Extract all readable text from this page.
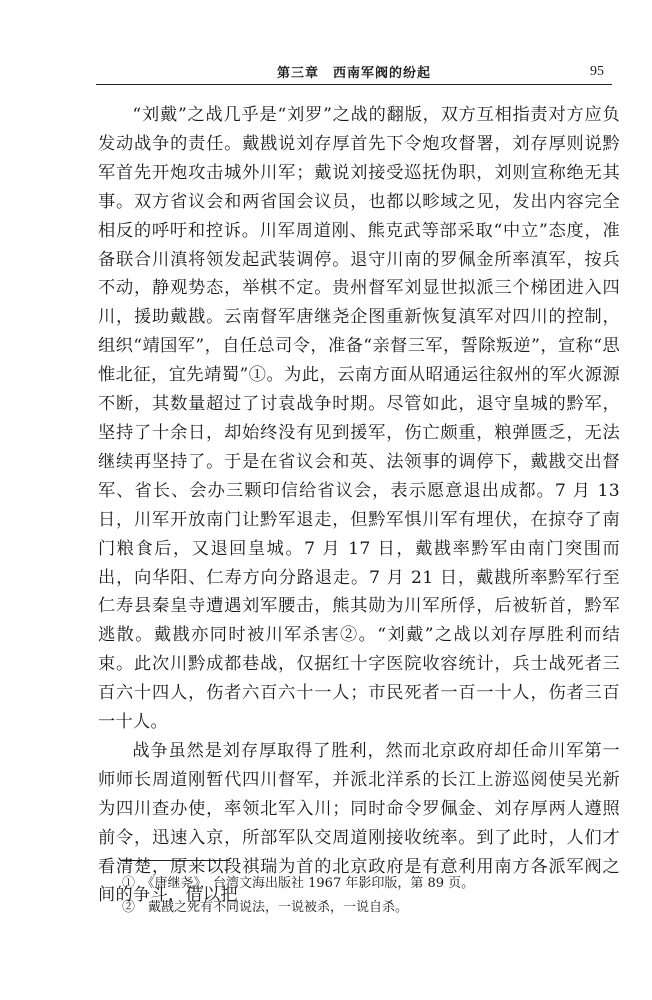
第三章　西南军阀的纷起	95

“刘戴”之战几乎是“刘罗”之战的翻版，双方互相指责对方应负发动战争的责任。戴戡说刘存厚首先下令炮攻督署，刘存厚则说黔军首先开炮攻击城外川军；戴说刘接受巡抚伪职，刘则宣称绝无其事。双方省议会和两省国会议员，也都以畛域之见，发出内容完全相反的呼吁和控诉。川军周道刚、熊克武等部采取“中立”态度，准备联合川滇将领发起武装调停。退守川南的罗佩金所率滇军，按兵不动，静观势态，举棋不定。贵州督军刘显世拟派三个梯团进入四川，援助戴戡。云南督军唐继尧企图重新恢复滇军对四川的控制，组织“靖国军”，自任总司令，准备“亲督三军，誓除叛逆”，宣称“思惟北征，宜先靖蜀”①。为此，云南方面从昭通运往叙州的军火源源不断，其数量超过了讨袁战争时期。尽管如此，退守皇城的黔军，坚持了十余日，却始终没有见到援军，伤亡颇重，粮弹匮乏，无法继续再坚持了。于是在省议会和英、法领事的调停下，戴戡交出督军、省长、会办三颗印信给省议会，表示愿意退出成都。7 月 13 日，川军开放南门让黔军退走，但黔军惧川军有埋伏，在掠夺了南门粮食后，又退回皇城。7 月 17 日，戴戡率黔军由南门突围而出，向华阳、仁寿方向分路退走。7 月 21 日，戴戡所率黔军行至仁寿县秦皇寺遭遇刘军腰击，熊其勋为川军所俘，后被斩首，黔军逃散。戴戡亦同时被川军杀害②。“刘戴”之战以刘存厚胜利而结束。此次川黔成都巷战，仅据红十字医院收容统计，兵士战死者三百六十四人，伤者六百六十一人；市民死者一百一十人，伤者三百一十人。

战争虽然是刘存厚取得了胜利，然而北京政府却任命川军第一师师长周道刚暂代四川督军，并派北洋系的长江上游巡阅使吴光新为四川查办使，率领北军入川；同时命令罗佩金、刘存厚两人遵照前令，迅速入京，所部军队交周道刚接收统率。到了此时，人们才看清楚，原来以段祺瑞为首的北京政府是有意利用南方各派军阀之间的争斗，借以把

①　《唐继尧》，台湾文海出版社 1967 年影印版，第 89 页。
②　戴戡之死有不同说法，一说被杀，一说自杀。
